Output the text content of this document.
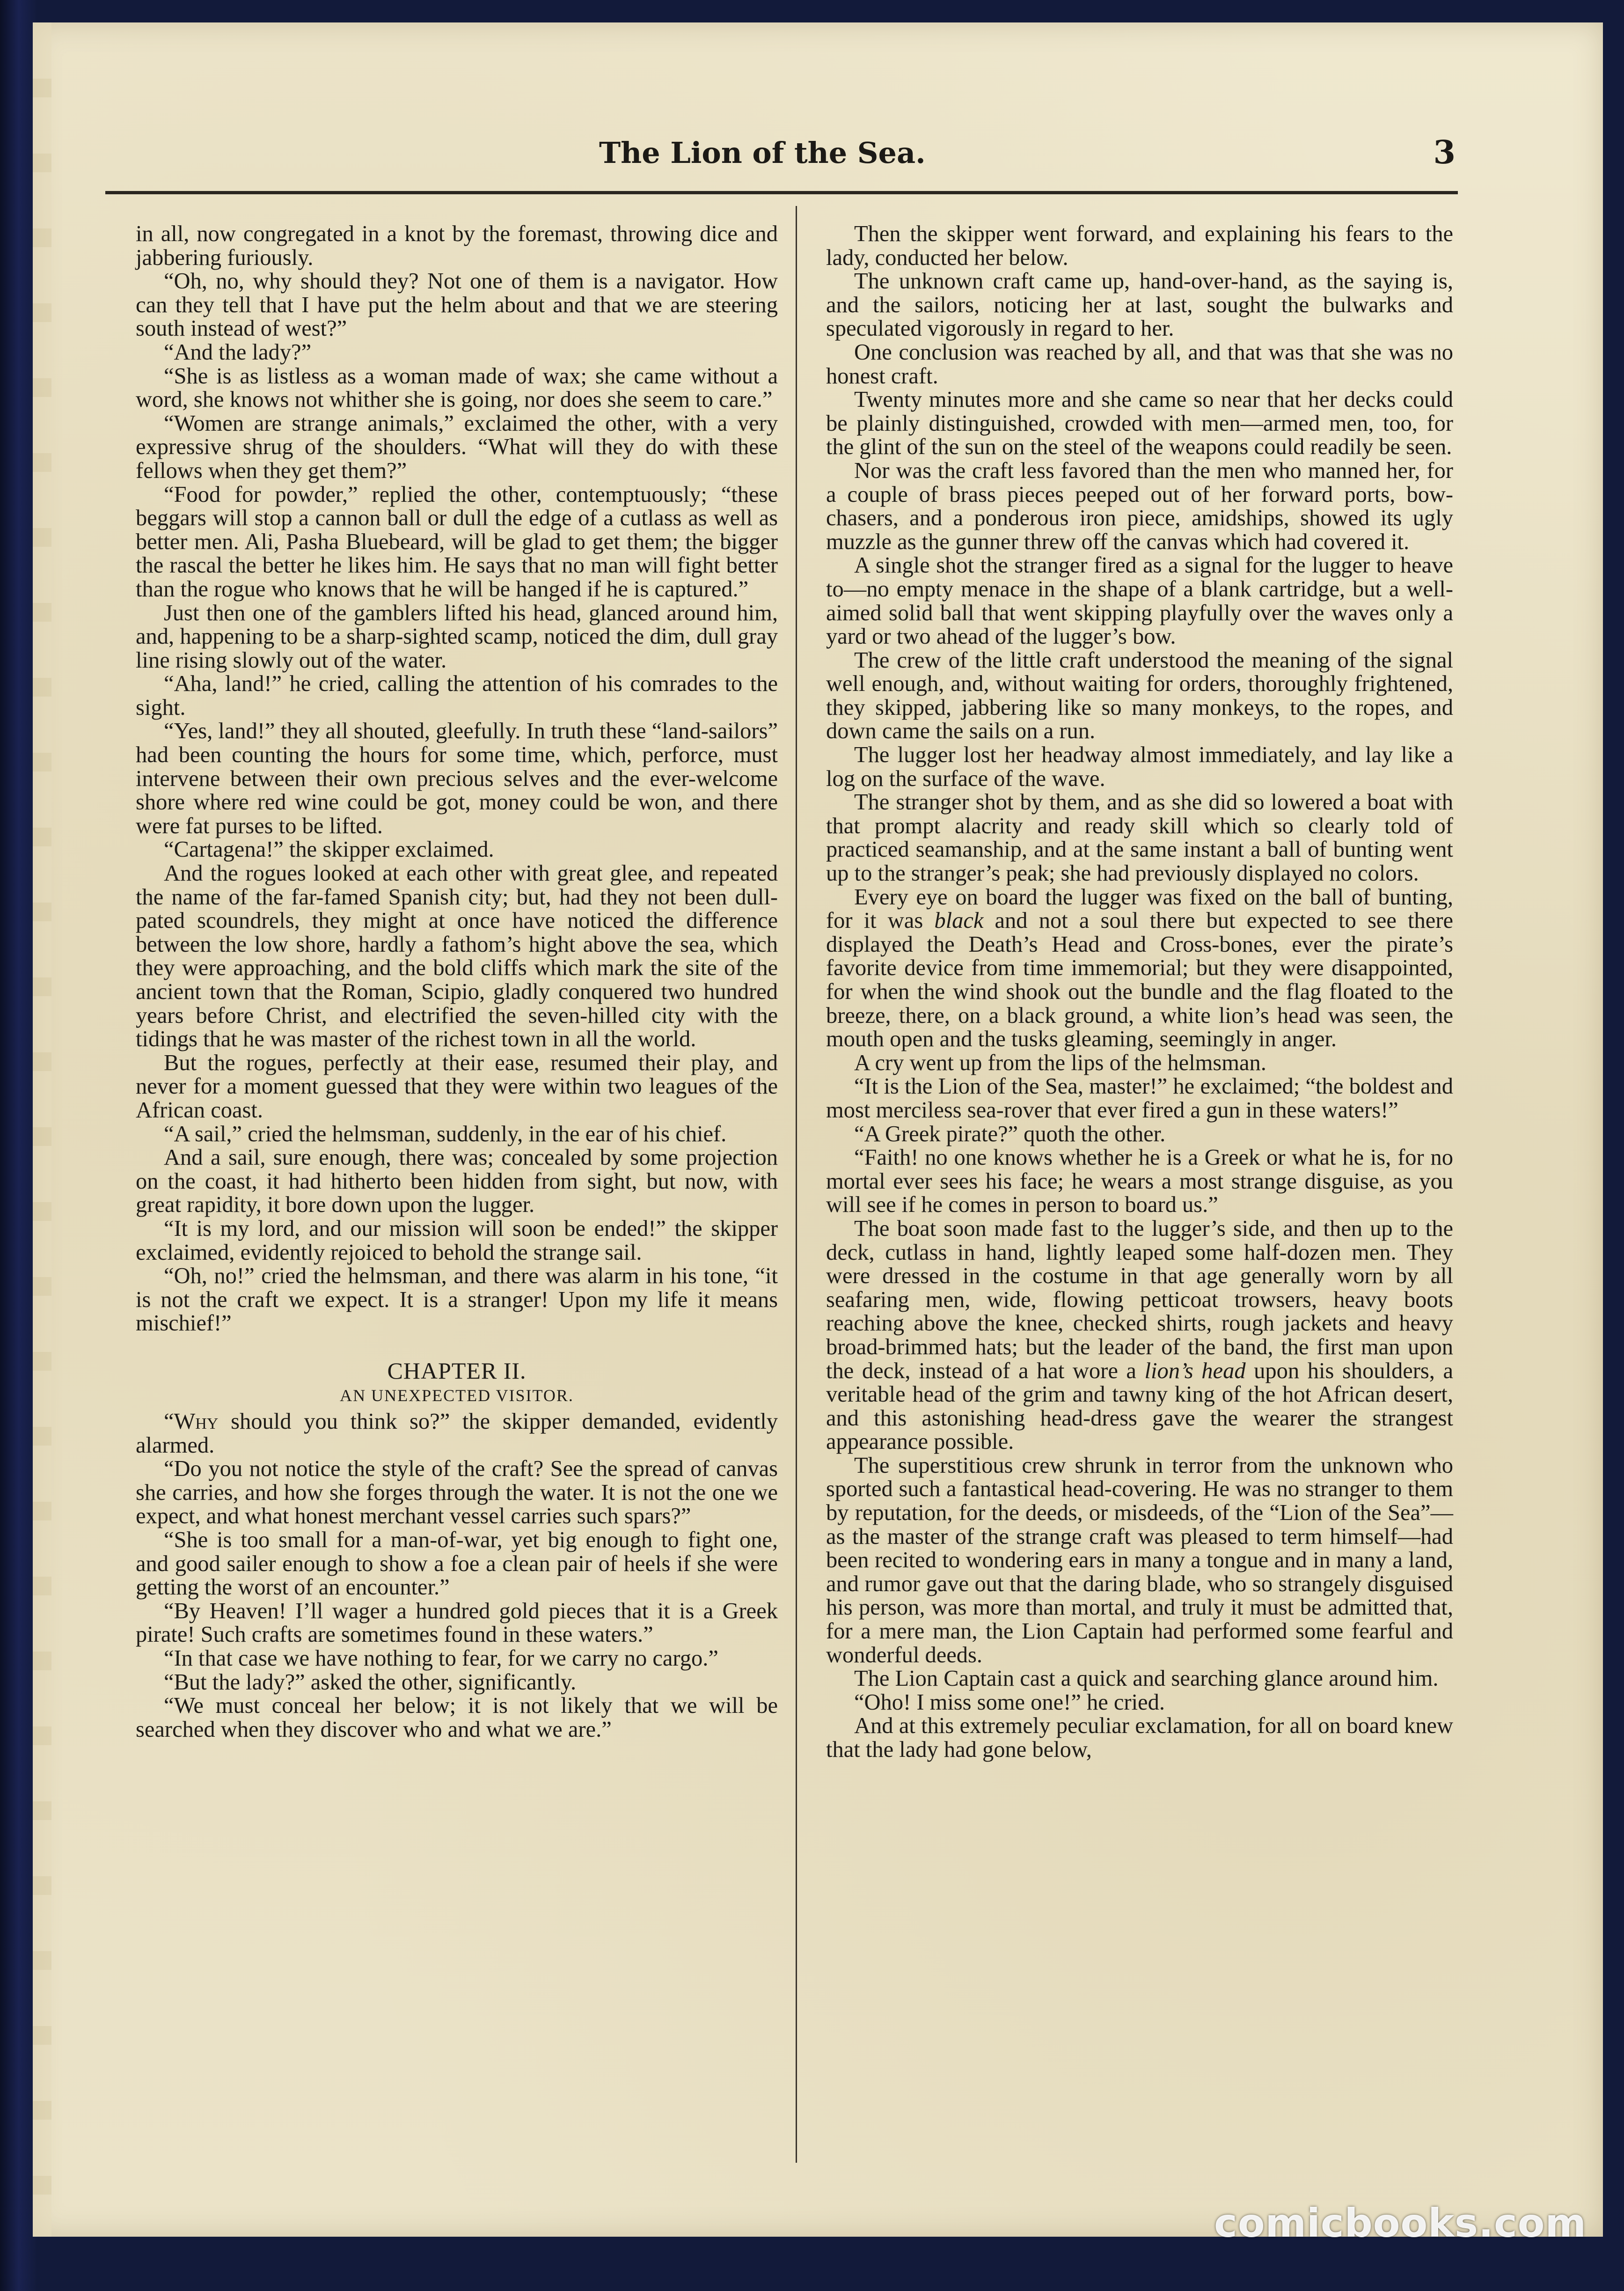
The Lion of the Sea.	3

in all, now congregated in a knot by the foremast, throwing dice and jabbering furiously.

“Oh, no, why should they? Not one of them is a navigator. How can they tell that I have put the helm about and that we are steering south instead of west?”

“And the lady?”

“She is as listless as a woman made of wax; she came without a word, she knows not whither she is going, nor does she seem to care.”

“Women are strange animals,” exclaimed the other, with a very expressive shrug of the shoulders. “What will they do with these fellows when they get them?”

“Food for powder,” replied the other, contemptuously; “these beggars will stop a cannon ball or dull the edge of a cutlass as well as better men. Ali, Pasha Bluebeard, will be glad to get them; the bigger the rascal the better he likes him. He says that no man will fight better than the rogue who knows that he will be hanged if he is captured.”

Just then one of the gamblers lifted his head, glanced around him, and, happening to be a sharp-sighted scamp, noticed the dim, dull gray line rising slowly out of the water.

“Aha, land!” he cried, calling the attention of his comrades to the sight.

“Yes, land!” they all shouted, gleefully. In truth these “land-sailors” had been counting the hours for some time, which, perforce, must intervene between their own precious selves and the ever-welcome shore where red wine could be got, money could be won, and there were fat purses to be lifted.

“Cartagena!” the skipper exclaimed.

And the rogues looked at each other with great glee, and repeated the name of the far-famed Spanish city; but, had they not been dull-pated scoundrels, they might at once have noticed the difference between the low shore, hardly a fathom’s hight above the sea, which they were approaching, and the bold cliffs which mark the site of the ancient town that the Roman, Scipio, gladly conquered two hundred years before Christ, and electrified the seven-hilled city with the tidings that he was master of the richest town in all the world.

But the rogues, perfectly at their ease, resumed their play, and never for a moment guessed that they were within two leagues of the African coast.

“A sail,” cried the helmsman, suddenly, in the ear of his chief.

And a sail, sure enough, there was; concealed by some projection on the coast, it had hitherto been hidden from sight, but now, with great rapidity, it bore down upon the lugger.

“It is my lord, and our mission will soon be ended!” the skipper exclaimed, evidently rejoiced to behold the strange sail.

“Oh, no!” cried the helmsman, and there was alarm in his tone, “it is not the craft we expect. It is a stranger! Upon my life it means mischief!”

CHAPTER II.
AN UNEXPECTED VISITOR.

“Why should you think so?” the skipper demanded, evidently alarmed.

“Do you not notice the style of the craft? See the spread of canvas she carries, and how she forges through the water. It is not the one we expect, and what honest merchant vessel carries such spars?”

“She is too small for a man-of-war, yet big enough to fight one, and good sailer enough to show a foe a clean pair of heels if she were getting the worst of an encounter.”

“By Heaven! I’ll wager a hundred gold pieces that it is a Greek pirate! Such crafts are sometimes found in these waters.”

“In that case we have nothing to fear, for we carry no cargo.”

“But the lady?” asked the other, significantly.

“We must conceal her below; it is not likely that we will be searched when they discover who and what we are.”

Then the skipper went forward, and explaining his fears to the lady, conducted her below.

The unknown craft came up, hand-over-hand, as the saying is, and the sailors, noticing her at last, sought the bulwarks and speculated vigorously in regard to her.

One conclusion was reached by all, and that was that she was no honest craft.

Twenty minutes more and she came so near that her decks could be plainly distinguished, crowded with men—armed men, too, for the glint of the sun on the steel of the weapons could readily be seen.

Nor was the craft less favored than the men who manned her, for a couple of brass pieces peeped out of her forward ports, bow-chasers, and a ponderous iron piece, amidships, showed its ugly muzzle as the gunner threw off the canvas which had covered it.

A single shot the stranger fired as a signal for the lugger to heave to—no empty menace in the shape of a blank cartridge, but a well-aimed solid ball that went skipping playfully over the waves only a yard or two ahead of the lugger’s bow.

The crew of the little craft understood the meaning of the signal well enough, and, without waiting for orders, thoroughly frightened, they skipped, jabbering like so many monkeys, to the ropes, and down came the sails on a run.

The lugger lost her headway almost immediately, and lay like a log on the surface of the wave.

The stranger shot by them, and as she did so lowered a boat with that prompt alacrity and ready skill which so clearly told of practiced seamanship, and at the same instant a ball of bunting went up to the stranger’s peak; she had previously displayed no colors.

Every eye on board the lugger was fixed on the ball of bunting, for it was black and not a soul there but expected to see there displayed the Death’s Head and Cross-bones, ever the pirate’s favorite device from time immemorial; but they were disappointed, for when the wind shook out the bundle and the flag floated to the breeze, there, on a black ground, a white lion’s head was seen, the mouth open and the tusks gleaming, seemingly in anger.

A cry went up from the lips of the helmsman.

“It is the Lion of the Sea, master!” he exclaimed; “the boldest and most merciless sea-rover that ever fired a gun in these waters!”

“A Greek pirate?” quoth the other.

“Faith! no one knows whether he is a Greek or what he is, for no mortal ever sees his face; he wears a most strange disguise, as you will see if he comes in person to board us.”

The boat soon made fast to the lugger’s side, and then up to the deck, cutlass in hand, lightly leaped some half-dozen men. They were dressed in the costume in that age generally worn by all seafaring men, wide, flowing petticoat trowsers, heavy boots reaching above the knee, checked shirts, rough jackets and heavy broad-brimmed hats; but the leader of the band, the first man upon the deck, instead of a hat wore a lion’s head upon his shoulders, a veritable head of the grim and tawny king of the hot African desert, and this astonishing head-dress gave the wearer the strangest appearance possible.

The superstitious crew shrunk in terror from the unknown who sported such a fantastical head-covering. He was no stranger to them by reputation, for the deeds, or misdeeds, of the “Lion of the Sea”—as the master of the strange craft was pleased to term himself—had been recited to wondering ears in many a tongue and in many a land, and rumor gave out that the daring blade, who so strangely disguised his person, was more than mortal, and truly it must be admitted that, for a mere man, the Lion Captain had performed some fearful and wonderful deeds.

The Lion Captain cast a quick and searching glance around him.

“Oho! I miss some one!” he cried.

And at this extremely peculiar exclamation, for all on board knew that the lady had gone below,

comicbooks.com
